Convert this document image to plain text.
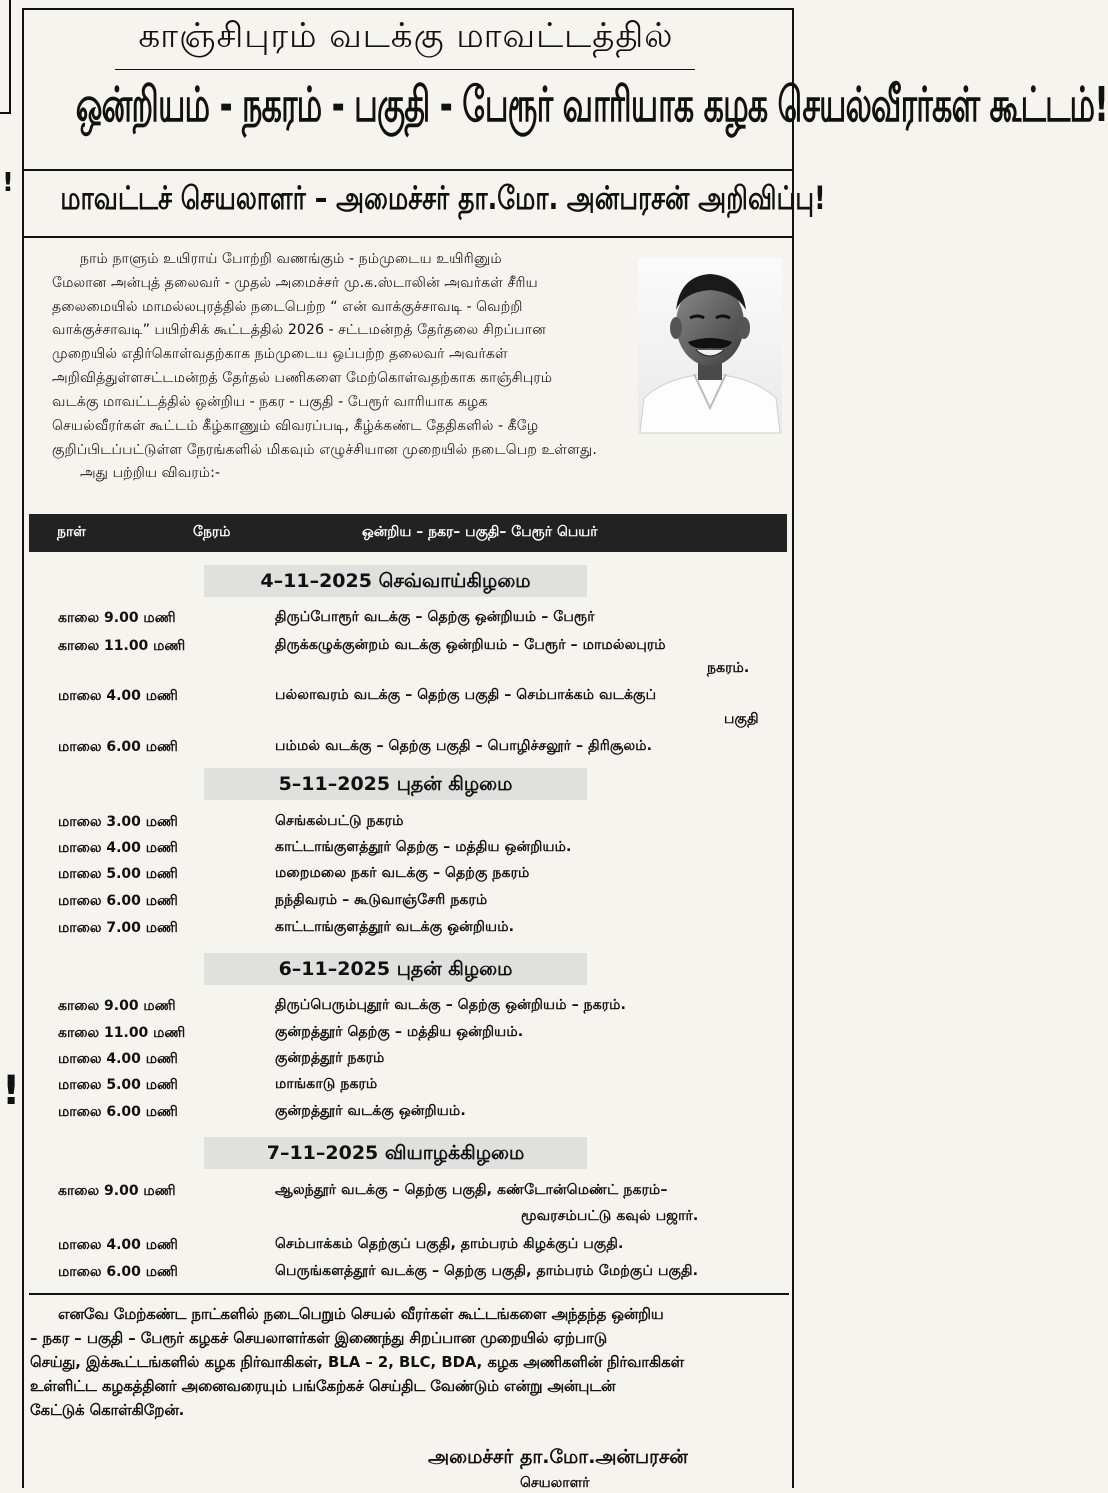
!
!
காஞ்சிபுரம் வடக்கு மாவட்டத்தில்
ஒன்றியம் - நகரம் - பகுதி - பேரூர் வாரியாக கழக செயல்வீரர்கள் கூட்டம்!
மாவட்டச் செயலாளர் – அமைச்சர் தா.மோ. அன்பரசன் அறிவிப்பு!
நாம் நாளும் உயிராய் போற்றி வணங்கும் - நம்முடைய உயிரினும்
மேலான அன்புத் தலைவர் - முதல் அமைச்சர் மு.க.ஸ்டாலின் அவர்கள் சீரிய
தலைமையில் மாமல்லபுரத்தில் நடைபெற்ற “ என் வாக்குச்சாவடி - வெற்றி
வாக்குச்சாவடி” பயிற்சிக் கூட்டத்தில் 2026 - சட்டமன்றத் தேர்தலை சிறப்பான
முறையில் எதிர்கொள்வதற்காக நம்முடைய ஒப்பற்ற தலைவர் அவர்கள்
அறிவித்துள்ளசட்டமன்றத் தேர்தல் பணிகளை மேற்கொள்வதற்காக காஞ்சிபுரம்
வடக்கு மாவட்டத்தில் ஒன்றிய - நகர - பகுதி - பேரூர் வாரியாக கழக
செயல்வீரர்கள் கூட்டம் கீழ்காணும் விவரப்படி, கீழ்க்கண்ட தேதிகளில் - கீழே
குறிப்பிடப்பட்டுள்ள நேரங்களில் மிகவும் எழுச்சியான முறையில் நடைபெற உள்ளது.
அது பற்றிய விவரம்:-
நாள்	நேரம்	ஒன்றிய – நகர– பகுதி– பேரூர் பெயர்
4–11–2025 செவ்வாய்கிழமை
காலை 9.00 மணி	திருப்போரூர் வடக்கு – தெற்கு ஒன்றியம் – பேரூர்
காலை 11.00 மணி	திருக்கழுக்குன்றம் வடக்கு ஒன்றியம் – பேரூர் – மாமல்லபுரம்
நகரம்.
மாலை 4.00 மணி	பல்லாவரம் வடக்கு – தெற்கு பகுதி – செம்பாக்கம் வடக்குப்
பகுதி
மாலை 6.00 மணி	பம்மல் வடக்கு – தெற்கு பகுதி – பொழிச்சலூர் – திரிசூலம்.
5–11–2025 புதன் கிழமை
மாலை 3.00 மணி	செங்கல்பட்டு நகரம்
மாலை 4.00 மணி	காட்டாங்குளத்தூர் தெற்கு – மத்திய ஒன்றியம்.
மாலை 5.00 மணி	மறைமலை நகர் வடக்கு – தெற்கு நகரம்
மாலை 6.00 மணி	நந்திவரம் – கூடுவாஞ்சேரி நகரம்
மாலை 7.00 மணி	காட்டாங்குளத்தூர் வடக்கு ஒன்றியம்.
6–11–2025 புதன் கிழமை
காலை 9.00 மணி	திருப்பெரும்புதூர் வடக்கு – தெற்கு ஒன்றியம் – நகரம்.
காலை 11.00 மணி	குன்றத்தூர் தெற்கு – மத்திய ஒன்றியம்.
மாலை 4.00 மணி	குன்றத்தூர் நகரம்
மாலை 5.00 மணி	மாங்காடு நகரம்
மாலை 6.00 மணி	குன்றத்தூர் வடக்கு ஒன்றியம்.
7–11–2025 வியாழக்கிழமை
காலை 9.00 மணி	ஆலந்தூர் வடக்கு – தெற்கு பகுதி, கண்டோன்மெண்ட் நகரம்–
மூவரசம்பட்டு கவுல் பஜார்.
மாலை 4.00 மணி	செம்பாக்கம் தெற்குப் பகுதி, தாம்பரம் கிழக்குப் பகுதி.
மாலை 6.00 மணி	பெருங்களத்தூர் வடக்கு – தெற்கு பகுதி, தாம்பரம் மேற்குப் பகுதி.
எனவே மேற்கண்ட நாட்களில் நடைபெறும் செயல் வீரர்கள் கூட்டங்களை அந்தந்த ஒன்றிய
– நகர – பகுதி – பேரூர் கழகச் செயலாளர்கள் இணைந்து சிறப்பான முறையில் ஏற்பாடு
செய்து, இக்கூட்டங்களில் கழக நிர்வாகிகள், BLA – 2, BLC, BDA, கழக அணிகளின் நிர்வாகிகள்
உள்ளிட்ட கழகத்தினர் அனைவரையும் பங்கேற்கச் செய்திட வேண்டும் என்று அன்புடன்
கேட்டுக் கொள்கிறேன்.
அமைச்சர் தா.மோ.அன்பரசன்
செயலாளர்
